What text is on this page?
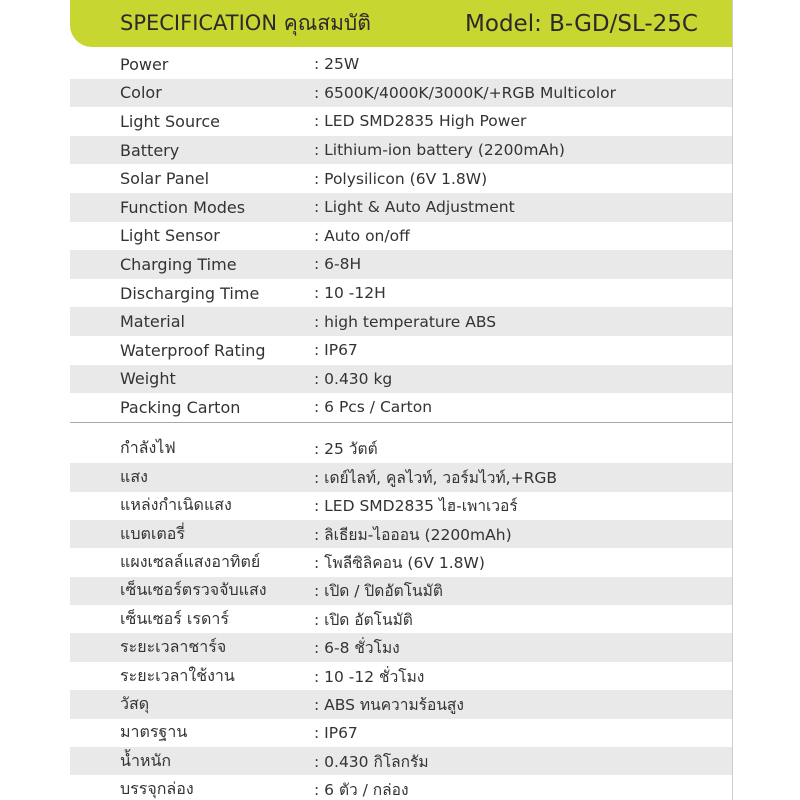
SPECIFICATION คุณสมบัติ	Model: B-GD/SL-25C
Power	: 25W
Color	: 6500K/4000K/3000K/+RGB Multicolor
Light Source	: LED SMD2835 High Power
Battery	: Lithium-ion battery (2200mAh)
Solar Panel	: Polysilicon (6V 1.8W)
Function Modes	: Light & Auto Adjustment
Light Sensor	: Auto on/off
Charging Time	: 6-8H
Discharging Time	: 10 -12H
Material	: high temperature ABS
Waterproof Rating	: IP67
Weight	: 0.430 kg
Packing Carton	: 6 Pcs / Carton
กำลังไฟ	: 25 วัตต์
แสง	: เดย์ไลท์, คูลไวท์, วอร์มไวท์,+RGB
แหล่งกำเนิดแสง	: LED SMD2835 ไฮ-เพาเวอร์
แบตเตอรี่	: ลิเธียม-ไอออน (2200mAh)
แผงเซลล์แสงอาทิตย์	: โพลีซิลิคอน (6V 1.8W)
เซ็นเซอร์ตรวจจับแสง	: เปิด / ปิดอัตโนมัติ
เซ็นเซอร์ เรดาร์	: เปิด อัตโนมัติ
ระยะเวลาชาร์จ	: 6-8 ชั่วโมง
ระยะเวลาใช้งาน	: 10 -12 ชั่วโมง
วัสดุ	: ABS ทนความร้อนสูง
มาตรฐาน	: IP67
น้ำหนัก	: 0.430 กิโลกรัม
บรรจุกล่อง	: 6 ตัว / กล่อง
